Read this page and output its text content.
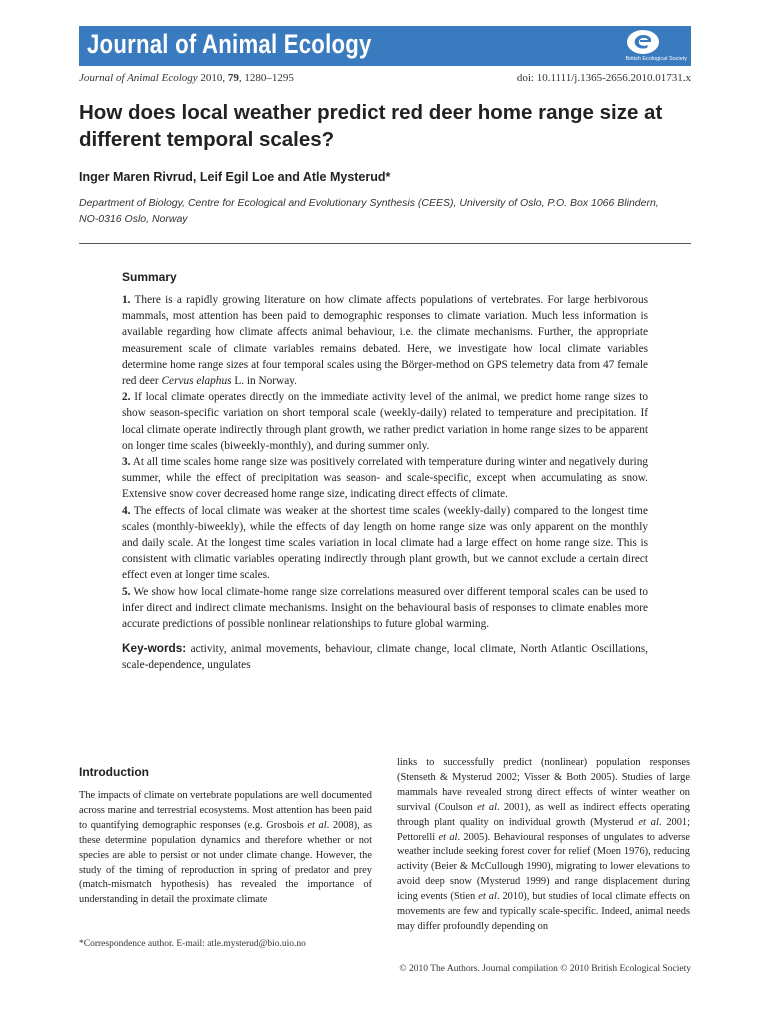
Journal of Animal Ecology	British Ecological Society
Journal of Animal Ecology 2010, 79, 1280–1295	doi: 10.1111/j.1365-2656.2010.01731.x
How does local weather predict red deer home range size at different temporal scales?

Inger Maren Rivrud, Leif Egil Loe and Atle Mysterud*

Department of Biology, Centre for Ecological and Evolutionary Synthesis (CEES), University of Oslo, P.O. Box 1066 Blindern, NO-0316 Oslo, Norway

Summary

1. There is a rapidly growing literature on how climate affects populations of vertebrates. For large herbivorous mammals, most attention has been paid to demographic responses to climate variation. Much less information is available regarding how climate affects animal behaviour, i.e. the climate mechanisms. Further, the appropriate measurement scale of climate variables remains debated. Here, we investigate how local climate variables determine home range sizes at four temporal scales using the Börger-method on GPS telemetry data from 47 female red deer Cervus elaphus L. in Norway.

2. If local climate operates directly on the immediate activity level of the animal, we predict home range sizes to show season-specific variation on short temporal scale (weekly-daily) related to temperature and precipitation. If local climate operate indirectly through plant growth, we rather predict variation in home range sizes to be apparent on longer time scales (biweekly-monthly), and during summer only.

3. At all time scales home range size was positively correlated with temperature during winter and negatively during summer, while the effect of precipitation was season- and scale-specific, except when accumulating as snow. Extensive snow cover decreased home range size, indicating direct effects of climate.

4. The effects of local climate was weaker at the shortest time scales (weekly-daily) compared to the longest time scales (monthly-biweekly), while the effects of day length on home range size was only apparent on the monthly and daily scale. At the longest time scales variation in local climate had a large effect on home range size. This is consistent with climatic variables operating indirectly through plant growth, but we cannot exclude a certain direct effect even at longer time scales.

5. We show how local climate-home range size correlations measured over different temporal scales can be used to infer direct and indirect climate mechanisms. Insight on the behavioural basis of responses to climate enables more accurate predictions of possible nonlinear relationships to future global warming.

Key-words: activity, animal movements, behaviour, climate change, local climate, North Atlantic Oscillations, scale-dependence, ungulates

Introduction
The impacts of climate on vertebrate populations are well documented across marine and terrestrial ecosystems. Most attention has been paid to quantifying demographic responses (e.g. Grosbois et al. 2008), as these determine population dynamics and therefore whether or not species are able to persist or not under climate change. However, the study of the timing of reproduction in spring of predator and prey (match-mismatch hypothesis) has revealed the importance of understanding in detail the proximate climate
links to successfully predict (nonlinear) population responses (Stenseth & Mysterud 2002; Visser & Both 2005). Studies of large mammals have revealed strong direct effects of winter weather on survival (Coulson et al. 2001), as well as indirect effects operating through plant quality on individual growth (Mysterud et al. 2001; Pettorelli et al. 2005). Behavioural responses of ungulates to adverse weather include seeking forest cover for relief (Moen 1976), reducing activity (Beier & McCullough 1990), migrating to lower elevations to avoid deep snow (Mysterud 1999) and range displacement during icing events (Stien et al. 2010), but studies of local climate effects on movements are few and typically scale-specific. Indeed, animal needs may differ profoundly depending on
*Correspondence author. E-mail: atle.mysterud@bio.uio.no
© 2010 The Authors. Journal compilation © 2010 British Ecological Society
